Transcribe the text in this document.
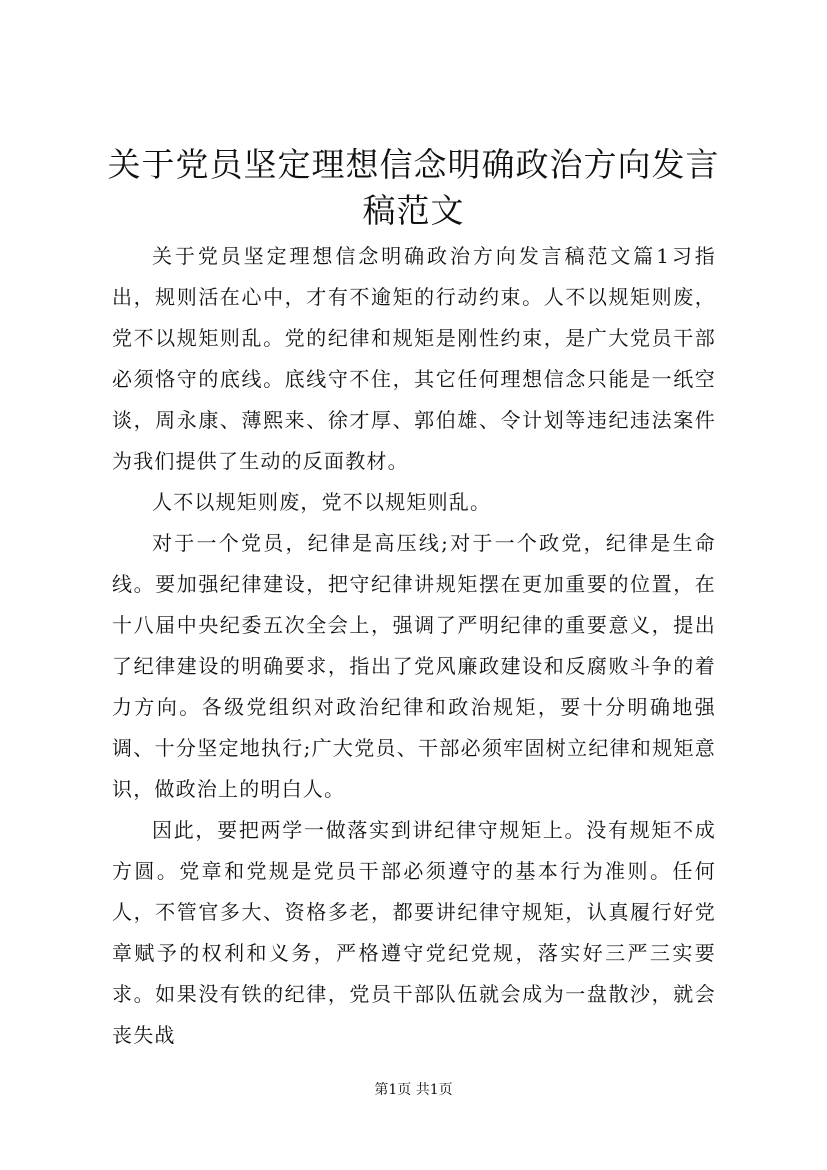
关于党员坚定理想信念明确政治方向发言稿范文

关于党员坚定理想信念明确政治方向发言稿范文篇1习指出，规则活在心中，才有不逾矩的行动约束。人不以规矩则废，党不以规矩则乱。党的纪律和规矩是刚性约束，是广大党员干部必须恪守的底线。底线守不住，其它任何理想信念只能是一纸空谈，周永康、薄熙来、徐才厚、郭伯雄、令计划等违纪违法案件为我们提供了生动的反面教材。

人不以规矩则废，党不以规矩则乱。

对于一个党员，纪律是高压线;对于一个政党，纪律是生命线。要加强纪律建设，把守纪律讲规矩摆在更加重要的位置，在十八届中央纪委五次全会上，强调了严明纪律的重要意义，提出了纪律建设的明确要求，指出了党风廉政建设和反腐败斗争的着力方向。各级党组织对政治纪律和政治规矩，要十分明确地强调、十分坚定地执行;广大党员、干部必须牢固树立纪律和规矩意识，做政治上的明白人。

因此，要把两学一做落实到讲纪律守规矩上。没有规矩不成方圆。党章和党规是党员干部必须遵守的基本行为准则。任何人，不管官多大、资格多老，都要讲纪律守规矩，认真履行好党章赋予的权利和义务，严格遵守党纪党规，落实好三严三实要求。如果没有铁的纪律，党员干部队伍就会成为一盘散沙，就会丧失战

第1页 共1页
